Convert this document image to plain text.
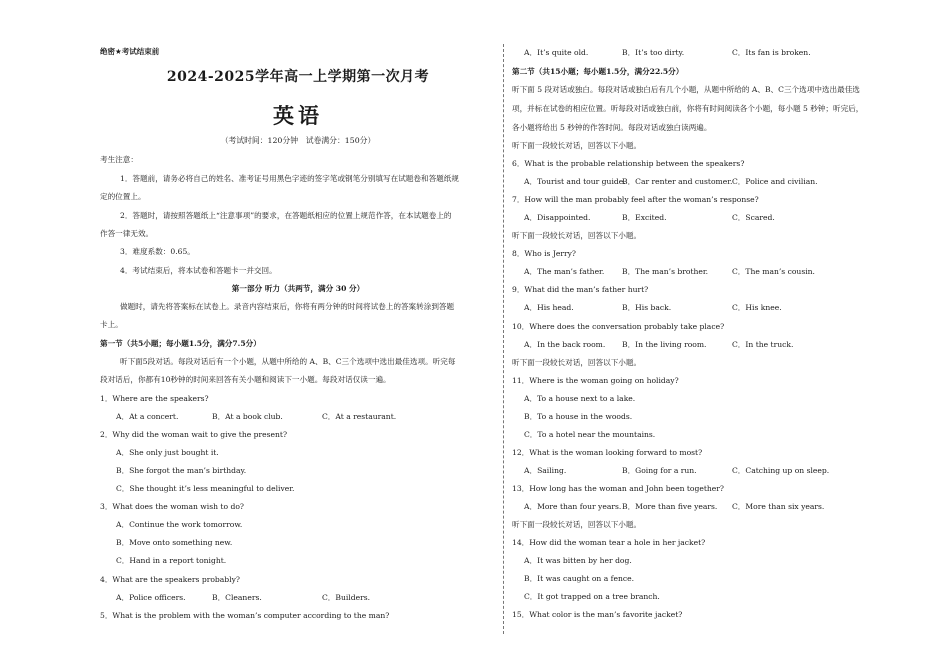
绝密★考试结束前
2024-2025学年高一上学期第一次月考
英语
（考试时间：120分钟　试卷满分：150分）
考生注意：
1．答题前，请务必将自己的姓名、准考证号用黑色字迹的签字笔或钢笔分别填写在试题卷和答题纸规
定的位置上。
2．答题时，请按照答题纸上“注意事项”的要求，在答题纸相应的位置上规范作答，在本试题卷上的
作答一律无效。
3．难度系数：0.65。
4．考试结束后，将本试卷和答题卡一并交回。
第一部分 听力（共两节，满分 30 分）
做题时，请先将答案标在试卷上。录音内容结束后，你将有两分钟的时间将试卷上的答案转涂到答题
卡上。
第一节（共5小题；每小题1.5分，满分7.5分）
听下面5段对话。每段对话后有一个小题，从题中所给的 A、B、C三个选项中选出最佳选项。听完每
段对话后，你都有10秒钟的时间来回答有关小题和阅读下一小题。每段对话仅读一遍。
1．Where are the speakers?
A．At a concert.	B．At a book club.	C．At a restaurant.
2．Why did the woman wait to give the present?
A．She only just bought it.
B．She forgot the man’s birthday.
C．She thought it’s less meaningful to deliver.
3．What does the woman wish to do?
A．Continue the work tomorrow.
B．Move onto something new.
C．Hand in a report tonight.
4．What are the speakers probably?
A．Police officers.	B．Cleaners.	C．Builders.
5．What is the problem with the woman’s computer according to the man?
A．It’s quite old.	B．It’s too dirty.	C．Its fan is broken.
第二节（共15小题；每小题1.5分，满分22.5分）
听下面 5 段对话或独白。每段对话或独白后有几个小题，从题中所给的 A、B、C三个选项中选出最佳选
项，并标在试卷的相应位置。听每段对话或独白前，你将有时间阅读各个小题，每小题 5 秒钟；听完后，
各小题将给出 5 秒钟的作答时间。每段对话或独白读两遍。
听下面一段较长对话，回答以下小题。
6．What is the probable relationship between the speakers?
A．Tourist and tour guide.
B．Car renter and customer. C．Police and civilian.
7．How will the man probably feel after the woman’s response?
A．Disappointed.	B．Excited.	C．Scared.
听下面一段较长对话，回答以下小题。
8．Who is Jerry?
A．The man’s father. B．The man’s brother.	C．The man’s cousin.
9．What did the man’s father hurt?
A．His head.	B．His back.	C．His knee.
10．Where does the conversation probably take place?
A．In the back room. B．In the living room.	C．In the truck.
听下面一段较长对话，回答以下小题。
11．Where is the woman going on holiday?
A．To a house next to a lake.
B．To a house in the woods.
C．To a hotel near the mountains.
12．What is the woman looking forward to most?
A．Sailing.	B．Going for a run.	C．Catching up on sleep.
13．How long has the woman and John been together?
A．More than four years. B．More than five years. C．More than six years.
听下面一段较长对话，回答以下小题。
14．How did the woman tear a hole in her jacket?
A．It was bitten by her dog.
B．It was caught on a fence.
C．It got trapped on a tree branch.
15．What color is the man’s favorite jacket?
